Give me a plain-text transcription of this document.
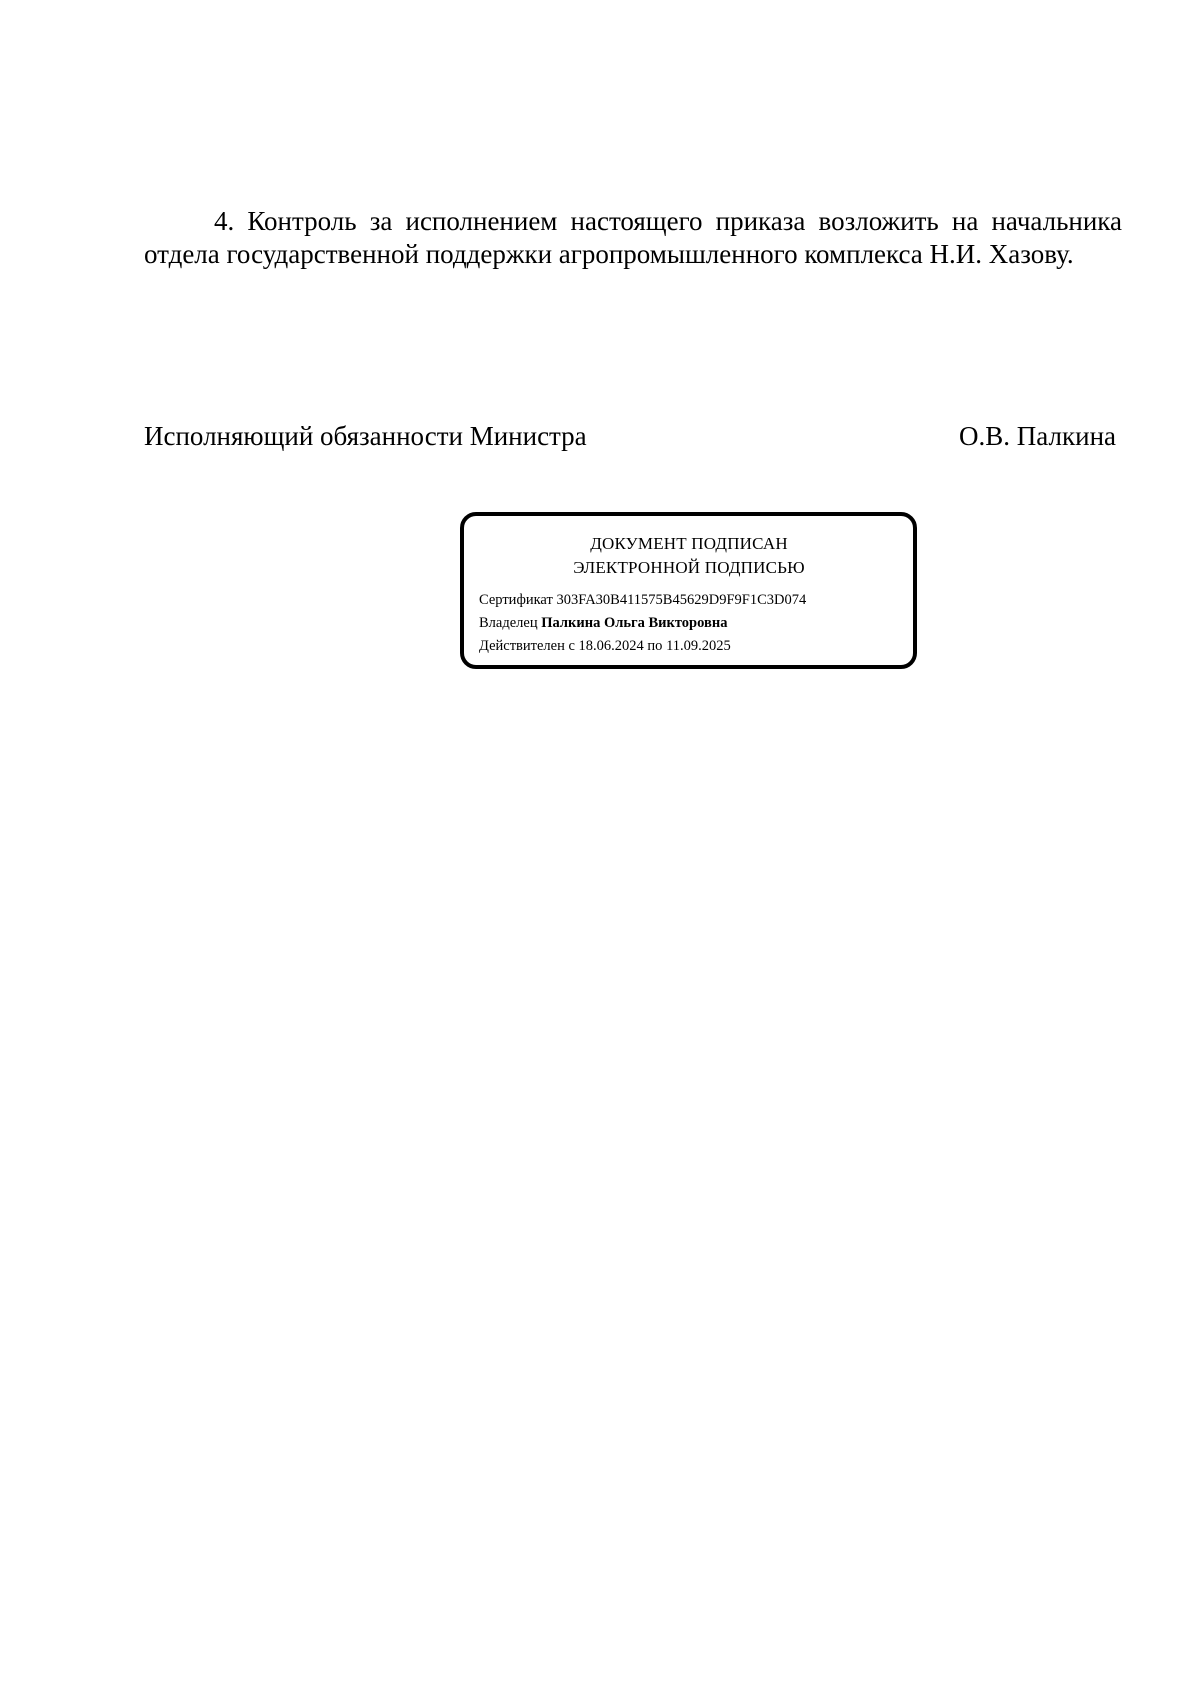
4. Контроль за исполнением настоящего приказа возложить на начальника отдела государственной поддержки агропромышленного комплекса Н.И. Хазову.

Исполняющий обязанности Министра	О.В. Палкина
ДОКУМЕНТ ПОДПИСАН
ЭЛЕКТРОННОЙ ПОДПИСЬЮ
Сертификат 303FA30B411575B45629D9F9F1C3D074
Владелец Палкина Ольга Викторовна
Действителен с 18.06.2024 по 11.09.2025
